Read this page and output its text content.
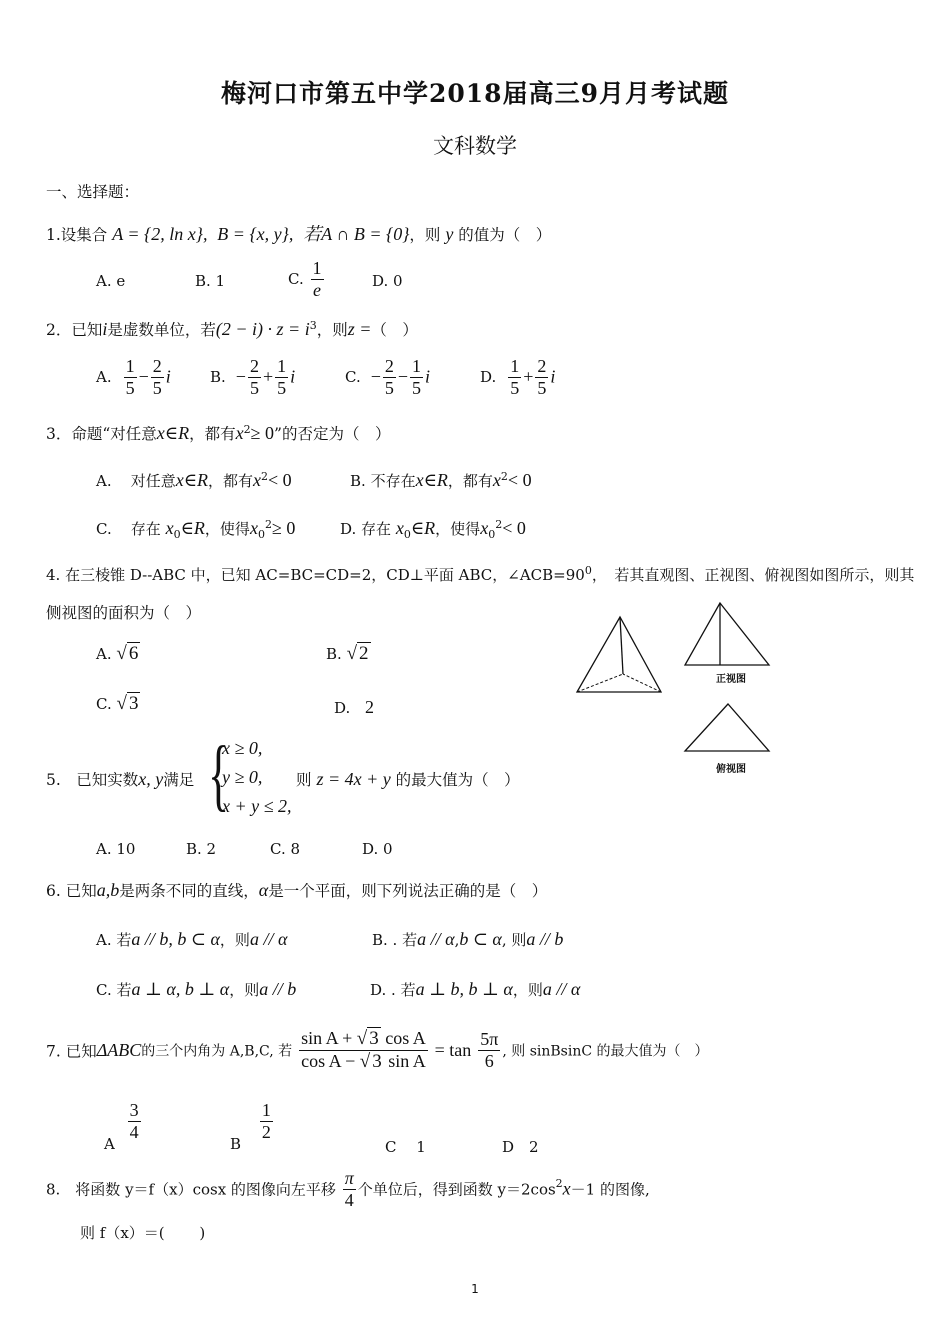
梅河口市第五中学2018届高三9月月考试题
文科数学
一、选择题：
1.设集合 A = {2, ln x}, B = {x, y}, 若A ∩ B = {0}，则 y 的值为（　）
A. e	B. 1	C. $\frac{1}{e}$	D. 0
2．已知i是虚数单位，若$(2 - i) \cdot z = i^3$，则z =（　）
A. $\frac{1}{5} - \frac{2}{5}$ i	B. − $\frac{2}{5} + \frac{1}{5}$ i	C. − $\frac{2}{5} - \frac{1}{5}$ i	D. $\frac{1}{5} + \frac{2}{5}$ i
3．命题“对任意x∈R，都有$x^2\ge 0$”的否定为（　）
A. 对任意x∈R，都有$x^2< 0$	B. 不存在x∈R，都有$x^2< 0$
C. 存在 $x_0\in R$，使得$x_0^2\ge 0$	D. 存在 $x_0\in R$，使得$x_0^2< 0$
4. 在三棱锥 D--ABC 中，已知 AC=BC=CD=2，CD⊥平面 ABC，$\angle ACB=90^0$，　若其直观图、正视图、俯视图如图所示，则其
侧视图的面积为（　）
A. √ 6	B. √ 2
C. √ 3	D. 2
正视图
俯视图
5.　已知实数x, y满足 {
x ≥ 0,
y ≥ 0,
x + y ≤ 2,
则 z = 4x + y 的最大值为（　）
A. 10	B. 2	C. 8	D. 0
6. 已知a,b是两条不同的直线，α是一个平面，则下列说法正确的是（　）
A. 若a // b, b ⊂ α，则a // α	B. . 若a // α,b ⊂ α, 则a // b
C. 若a ⊥ α, b ⊥ α，则a // b	D. . 若a ⊥ b, b ⊥ α，则a // α
7. 已知ΔABC的三个内角为 A,B,C, 若 $\frac{\text{sin A + √ 3 cos A}}{\text{cos A − √ 3 sin A}} = \tan \frac{5\pi}{6}$ , 则 sinBsinC 的最大值为（　）
A
$\frac{3}{4}$
B
$\frac{1}{2}$
C　 1	D　2
8.　将函数 y＝f（x）cosx 的图像向左平移 $\frac{\pi}{4}$ 个单位后，得到函数 $y=2\cos^2x-1$ 的图像,
则 f（x）＝(　　 )
1
